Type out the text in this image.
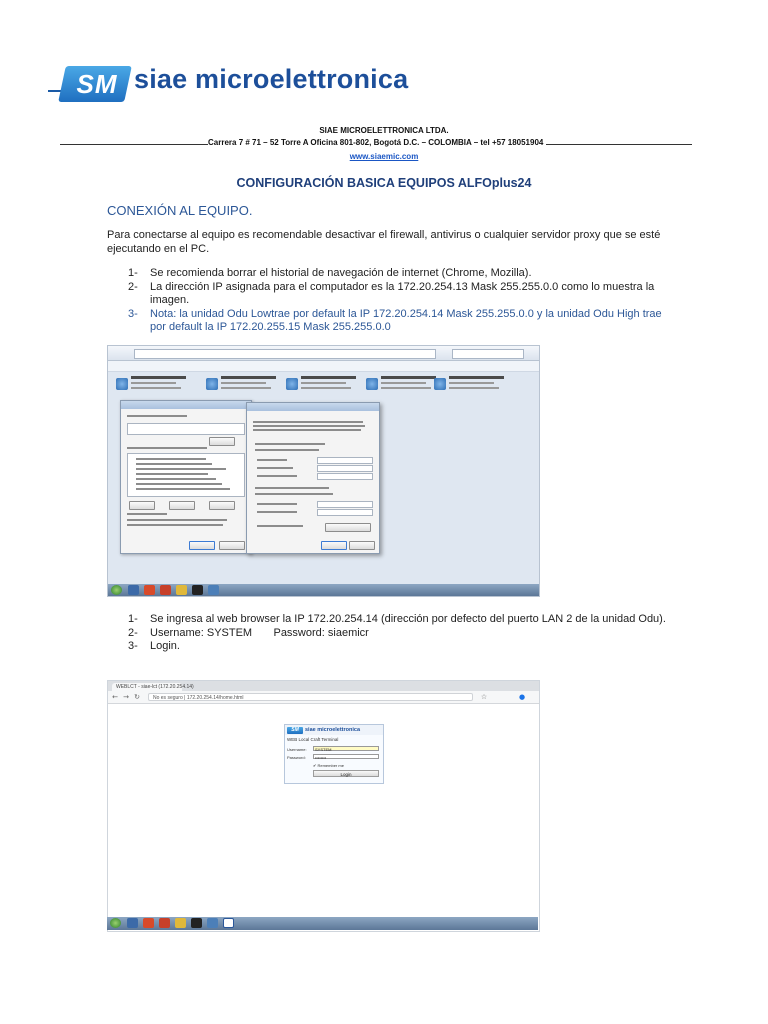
SM siae microelettronica
SIAE MICROELETTRONICA LTDA.
Carrera 7 # 71 – 52 Torre A Oficina 801-802, Bogotá D.C. – COLOMBIA – tel +57 18051904
www.siaemic.com
CONFIGURACIÓN BASICA EQUIPOS ALFOplus24
CONEXIÓN AL EQUIPO.
Para conectarse al equipo es recomendable desactivar el firewall, antivirus o cualquier servidor proxy que se esté ejecutando en el PC.
1- Se recomienda borrar el historial de navegación de internet (Chrome, Mozilla).
2- La dirección IP asignada para el computador es la 172.20.254.13 Mask 255.255.0.0 como lo muestra la imagen.
3- Nota: la unidad Odu Lowtrae por default la IP 172.20.254.14 Mask 255.255.0.0 y la unidad Odu High trae por default la IP 172.20.255.15 Mask 255.255.0.0
1- Se ingresa al web browser la IP 172.20.254.14 (dirección por defecto del puerto LAN 2 de la unidad Odu).
2- Username: SYSTEM       Password: siaemicr
3- Login.
WEBLCT - siae-lct (172.20.254.14)
← → ↻	No es seguro | 172.20.254.14/home.html	☆	●
SM	siae microelettronica
WEB Local Craft Terminal
Username:	SYSTEM
Password:	••••••••
✔ Remember me
Login
